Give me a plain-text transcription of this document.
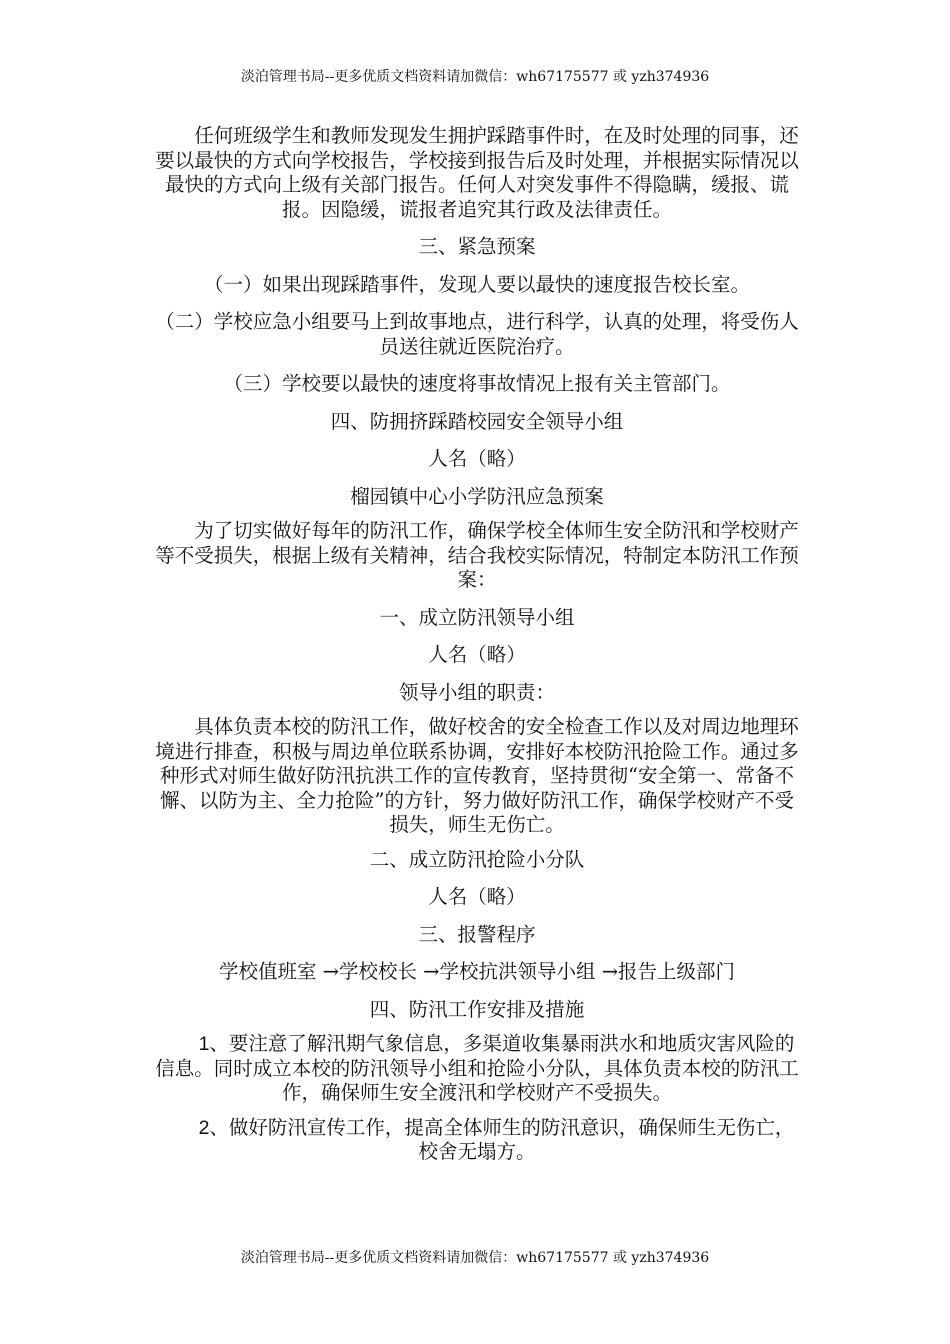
淡泊管理书局--更多优质文档资料请加微信：wh67175577 或 yzh374936

任何班级学生和教师发现发生拥护踩踏事件时，在及时处理的同事，还要以最快的方式向学校报告，学校接到报告后及时处理，并根据实际情况以最快的方式向上级有关部门报告。任何人对突发事件不得隐瞒，缓报、谎报。因隐缓，谎报者追究其行政及法律责任。

三、紧急预案

（一）如果出现踩踏事件，发现人要以最快的速度报告校长室。

（二）学校应急小组要马上到故事地点，进行科学，认真的处理，将受伤人员送往就近医院治疗。

（三）学校要以最快的速度将事故情况上报有关主管部门。

四、防拥挤踩踏校园安全领导小组

人名（略）

榴园镇中心小学防汛应急预案

为了切实做好每年的防汛工作，确保学校全体师生安全防汛和学校财产等不受损失，根据上级有关精神，结合我校实际情况，特制定本防汛工作预案：

一、成立防汛领导小组

人名（略）

领导小组的职责：

具体负责本校的防汛工作，做好校舍的安全检查工作以及对周边地理环境进行排查，积极与周边单位联系协调，安排好本校防汛抢险工作。通过多种形式对师生做好防汛抗洪工作的宣传教育，坚持贯彻“安全第一、常备不懈、以防为主、全力抢险”的方针，努力做好防汛工作，确保学校财产不受损失，师生无伤亡。

二、成立防汛抢险小分队

人名（略）

三、报警程序

学校值班室 →学校校长 →学校抗洪领导小组 →报告上级部门

四、防汛工作安排及措施

1、要注意了解汛期气象信息，多渠道收集暴雨洪水和地质灾害风险的信息。同时成立本校的防汛领导小组和抢险小分队，具体负责本校的防汛工作，确保师生安全渡汛和学校财产不受损失。

2、做好防汛宣传工作，提高全体师生的防汛意识，确保师生无伤亡，校舍无塌方。

淡泊管理书局--更多优质文档资料请加微信：wh67175577 或 yzh374936
